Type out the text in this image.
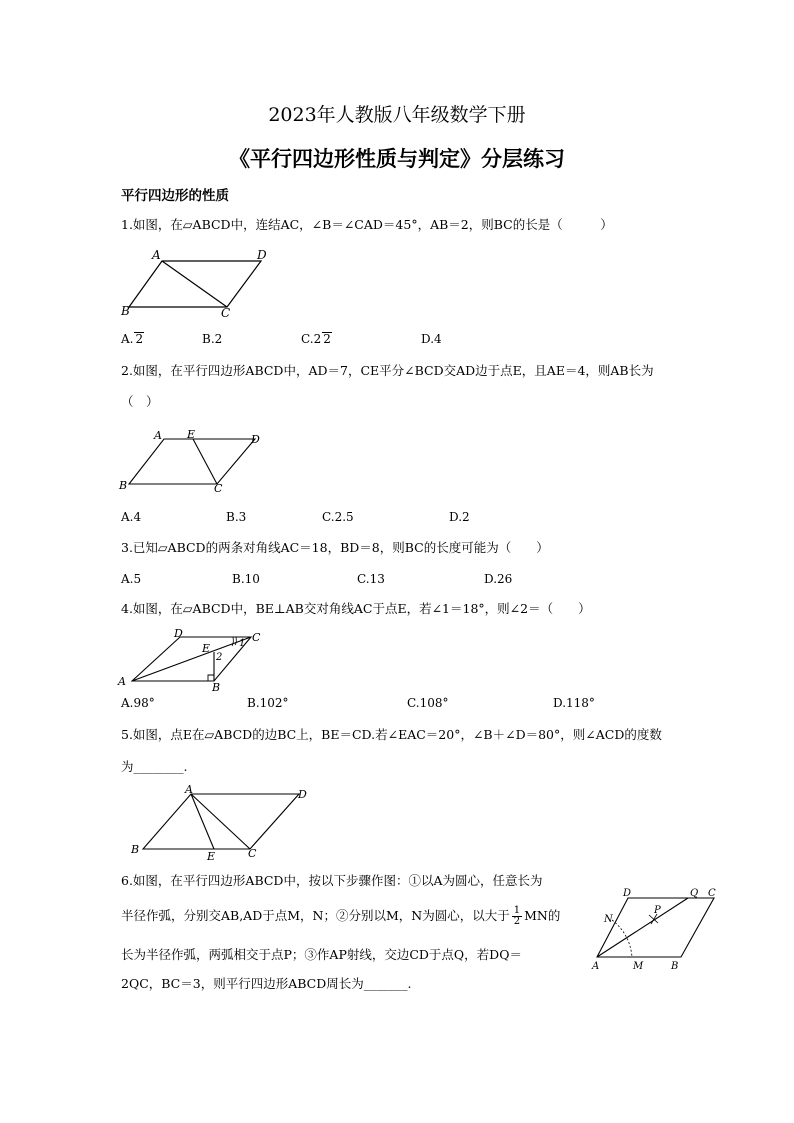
2023年人教版八年级数学下册
《平行四边形性质与判定》分层练习
平行四边形的性质
1.如图，在▱ABCD中，连结AC，∠B＝∠CAD＝45°，AB＝2，则BC的长是（　　　）
A
B	C
D
A. 2	B.2	C.2 2	D.4
2.如图，在平行四边形ABCD中，AD＝7，CE平分∠BCD交AD边于点E，且AE＝4，则AB长为
（　）
A E	D
B	C
A.4	B.3	C.2.5	D.2
3.已知▱ABCD的两条对角线AC＝18，BD＝8，则BC的长度可能为（　　）
A.5	B.10	C.13	D.26
4.如图，在▱ABCD中，BE⊥AB交对角线AC于点E，若∠1＝18°，则∠2＝（　　）
D	C
E
A	B
1
2
A.98°	B.102°	C.108°	D.118°
5.如图，点E在▱ABCD的边BC上，BE＝CD.若∠EAC＝20°，∠B＋∠D＝80°，则∠ACD的度数
为________.
A	D
B
E	C
6.如图，在平行四边形ABCD中，按以下步骤作图：①以A为圆心，任意长为
半径作弧，分别交AB,AD于点M，N；②分别以M，N为圆心，以大于 $\frac{1}{2}$ MN的
长为半径作弧，两弧相交于点P；③作AP射线，交边CD于点Q，若DQ＝
2QC，BC＝3，则平行四边形ABCD周长为_______.
D	Q C
N
P
A	M	B
